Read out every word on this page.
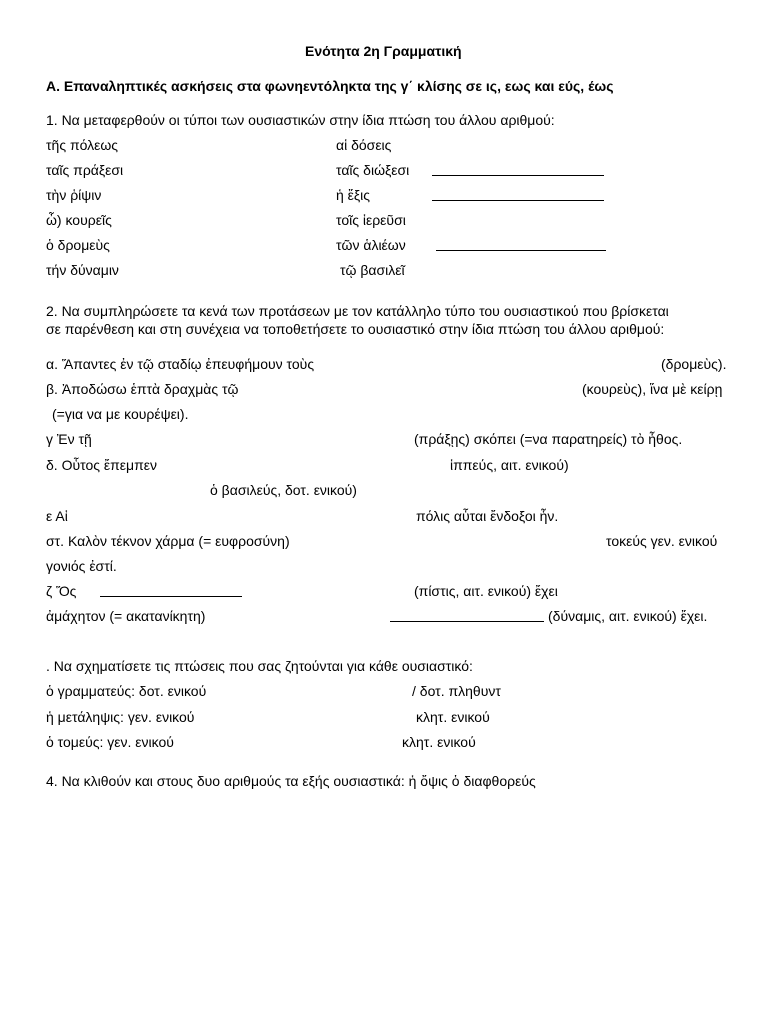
Ενότητα 2η Γραμματική
Α. Επαναληπτικές ασκήσεις στα φωνηεντόληκτα της γ΄ κλίσης σε ις, εως και εύς, έως
1. Να μεταφερθούν οι τύποι των ουσιαστικών στην ίδια πτώση του άλλου αριθμού:
τῆς πόλεως	αἱ δόσεις
ταῖς πράξεσι	ταῖς διώξεσι
τὴν ῥίψιν	ἡ ἕξις
ὦ) κουρεῖς	τοῖς ἱερεῦσι
ὁ δρομεὺς	τῶν ἁλιέων
τήν δύναμιν	τῷ βασιλεῖ
2. Να συμπληρώσετε τα κενά των προτάσεων με τον κατάλληλο τύπο του ουσιαστικού που βρίσκεται
σε παρένθεση και στη συνέχεια να τοποθετήσετε το ουσιαστικό στην ίδια πτώση του άλλου αριθμού:
α. Ἅπαντες ἐν τῷ σταδίῳ ἐπευφήμουν τοὺς	(δρομεὺς).
β. Ἀποδώσω ἑπτὰ δραχμὰς τῷ	(κουρεὺς), ἵνα μὲ κείρῃ
(=για να με κουρέψει).
γ Ἐν τῇ	(πράξῃς) σκόπει (=να παρατηρείς) τὸ ἦθος.
δ. Οὗτος ἔπεμπεν	ἱππεύς, αιτ. ενικού)
ὁ βασιλεύς, δοτ. ενικού)
ε Αἱ	πόλις αὗται ἔνδοξοι ἦν.
στ. Καλὸν τέκνον χάρμα (= ευφροσύνη)	τοκεύς γεν. ενικού
γονιός ἐστί.
ζ Ὅς	(πίστις, αιτ. ενικού) ἔχει
ἀμάχητον (= ακατανίκητη)	(δύναμις, αιτ. ενικού) ἔχει.
. Να σχηματίσετε τις πτώσεις που σας ζητούνται για κάθε ουσιαστικό:
ὁ γραμματεύς: δοτ. ενικού	/ δοτ. πληθυντ
ἡ μετάληψις: γεν. ενικού	κλητ. ενικού
ὁ τομεύς: γεν. ενικού	κλητ. ενικού
4. Να κλιθούν και στους δυο αριθμούς τα εξής ουσιαστικά: ἡ ὄψις ὁ διαφθορεύς
